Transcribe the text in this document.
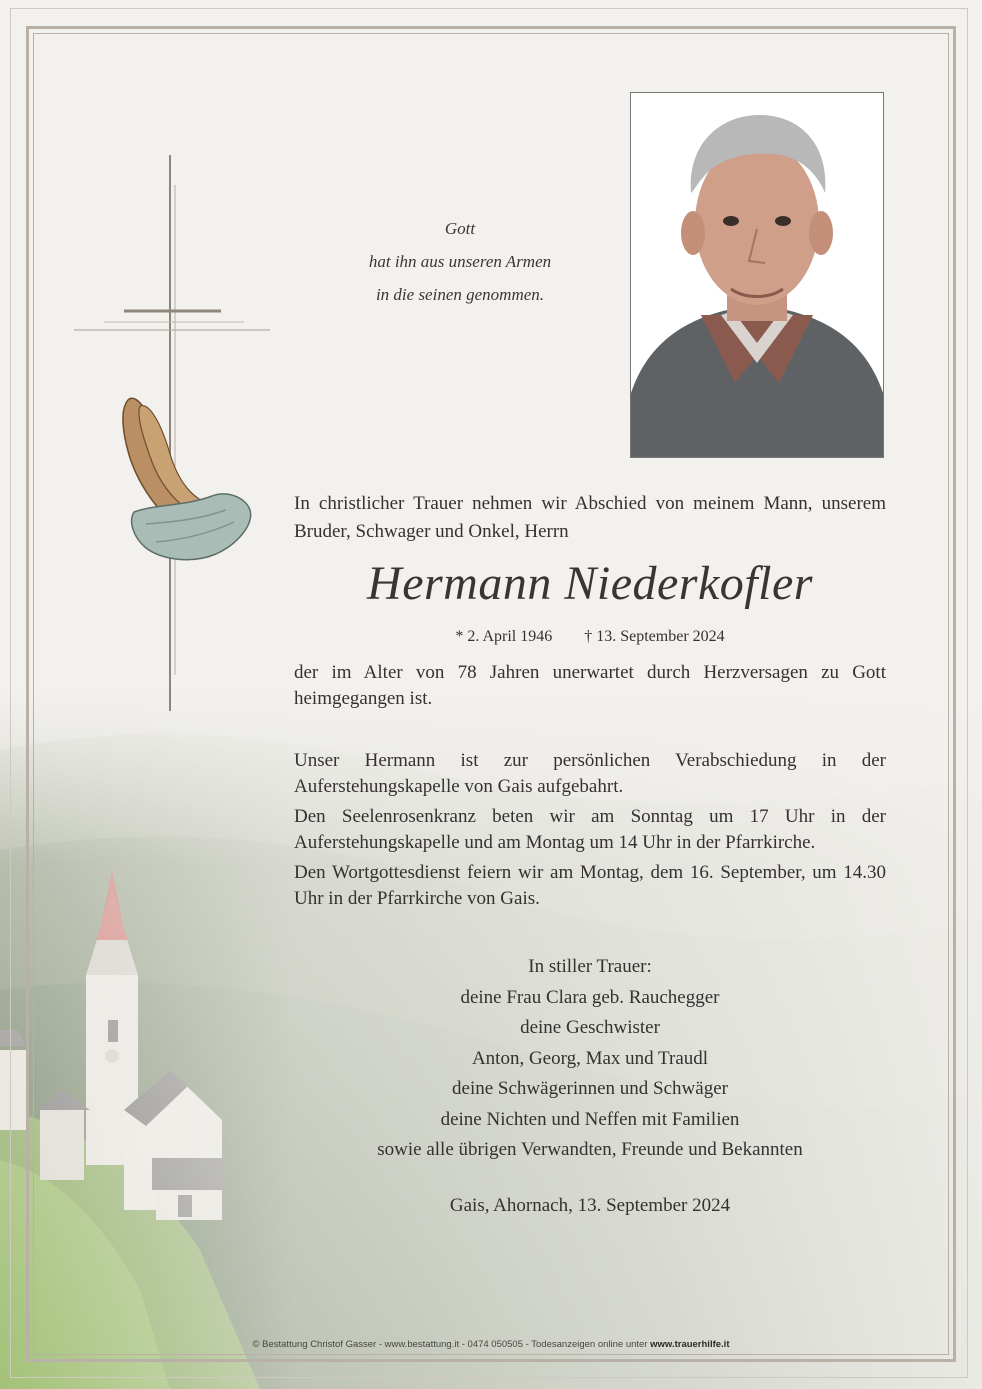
Gott
hat ihn aus unseren Armen
in die seinen genommen.
In christlicher Trauer nehmen wir Abschied von meinem Mann, unserem Bruder, Schwager und Onkel, Herrn
Hermann Niederkofler
* 2. April 1946 † 13. September 2024
der im Alter von 78 Jahren unerwartet durch Herzversagen zu Gott heimgegangen ist.
Unser Hermann ist zur persönlichen Verabschiedung in der Auferstehungskapelle von Gais aufgebahrt.
Den Seelenrosenkranz beten wir am Sonntag um 17 Uhr in der Auferstehungskapelle und am Montag um 14 Uhr in der Pfarrkirche.
Den Wortgottesdienst feiern wir am Montag, dem 16. September, um 14.30 Uhr in der Pfarrkirche von Gais.
In stiller Trauer:
deine Frau Clara geb. Rauchegger
deine Geschwister
Anton, Georg, Max und Traudl
deine Schwägerinnen und Schwäger
deine Nichten und Neffen mit Familien
sowie alle übrigen Verwandten, Freunde und Bekannten
Gais, Ahornach, 13. September 2024
© Bestattung Christof Gasser - www.bestattung.it - 0474 050505 - Todesanzeigen online unter www.trauerhilfe.it
